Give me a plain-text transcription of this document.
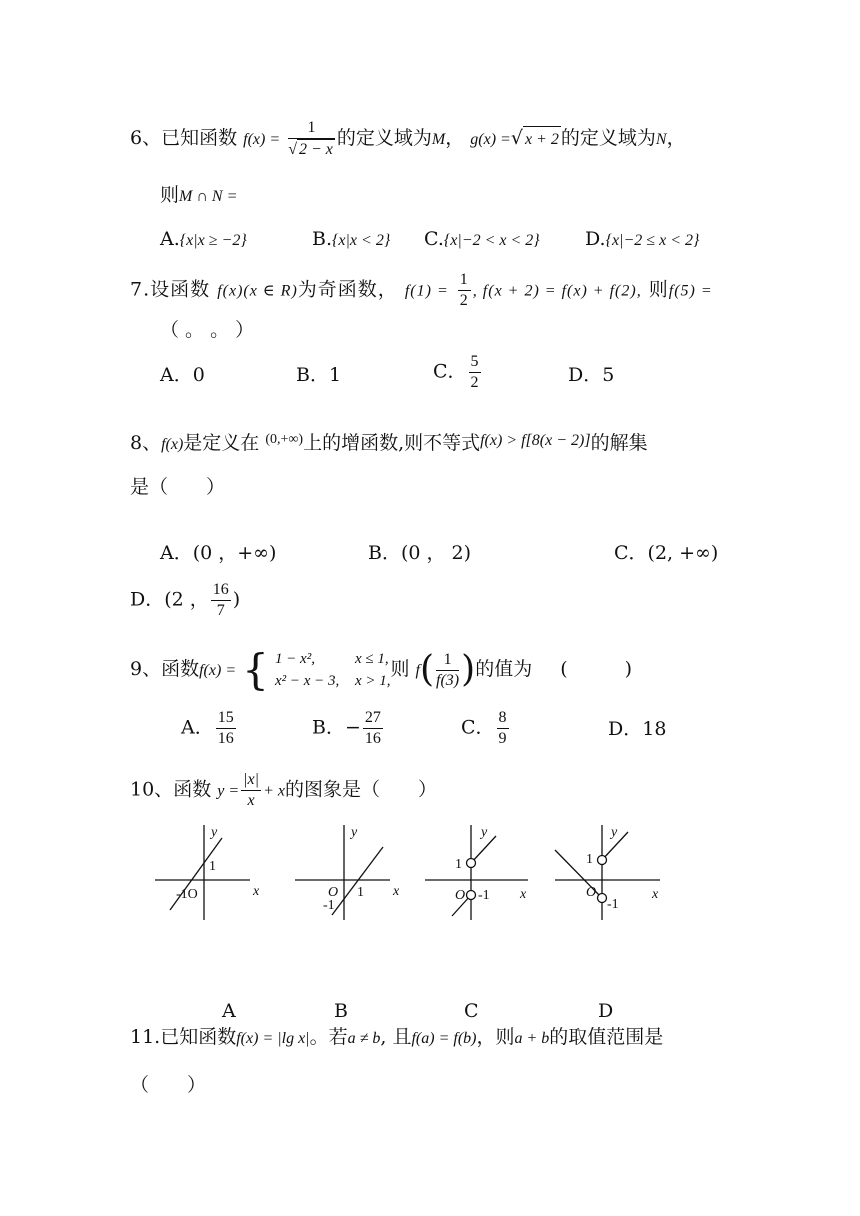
6、已知函数 $f(x) = \frac{1}{√ 2 - x}$ 的定义域为M， g(x) =√ x + 2 的定义域为N，
则M ∩ N =
A.{x|x ≥ −2}	B.{x|x < 2} C.{x|−2 < x < 2} D.{x|−2 ≤ x < 2}
7.设函数 f(x)(x ∈ R)为奇函数， $f(1) = \frac{1}{2}$ , f(x + 2) = f(x) + f(2), 则f(5) =
（ 。 。 ）
A．0	B．1	C． $\frac{5}{2}$	D．5
8、f(x)是定义在 $^{(0,+\infty)}$上的增函数,则不等式$^{f(x) > f[8(x - 2)]}$的解集
是（　　）
A．(0 ，+∞)	B．(0 ， 2)	C．(2, +∞)
D．(2 ， $\frac{16}{7}$ )
9、函数f(x) = { 1 − x²,	x ≤ 1,
x² − x − 3, x > 1,
则 $f( \frac{1}{f(3)}$ )的值为 (　　　)
A． $\frac{15}{16}$	B．− $\frac{27}{16}$	C． $\frac{8}{9}$	D．18
10、函数 $y = \frac{|x|}{x} + x$的图象是（　　）
y
x
1
-1O
y
x
O 1
-1
y
x
1
O -1
y
x
1
O
-1
A	B	C	D
11.已知函数f(x) = |lg x|。若a ≠ b, 且f(a) = f(b)，则a + b的取值范围是
（　　）
